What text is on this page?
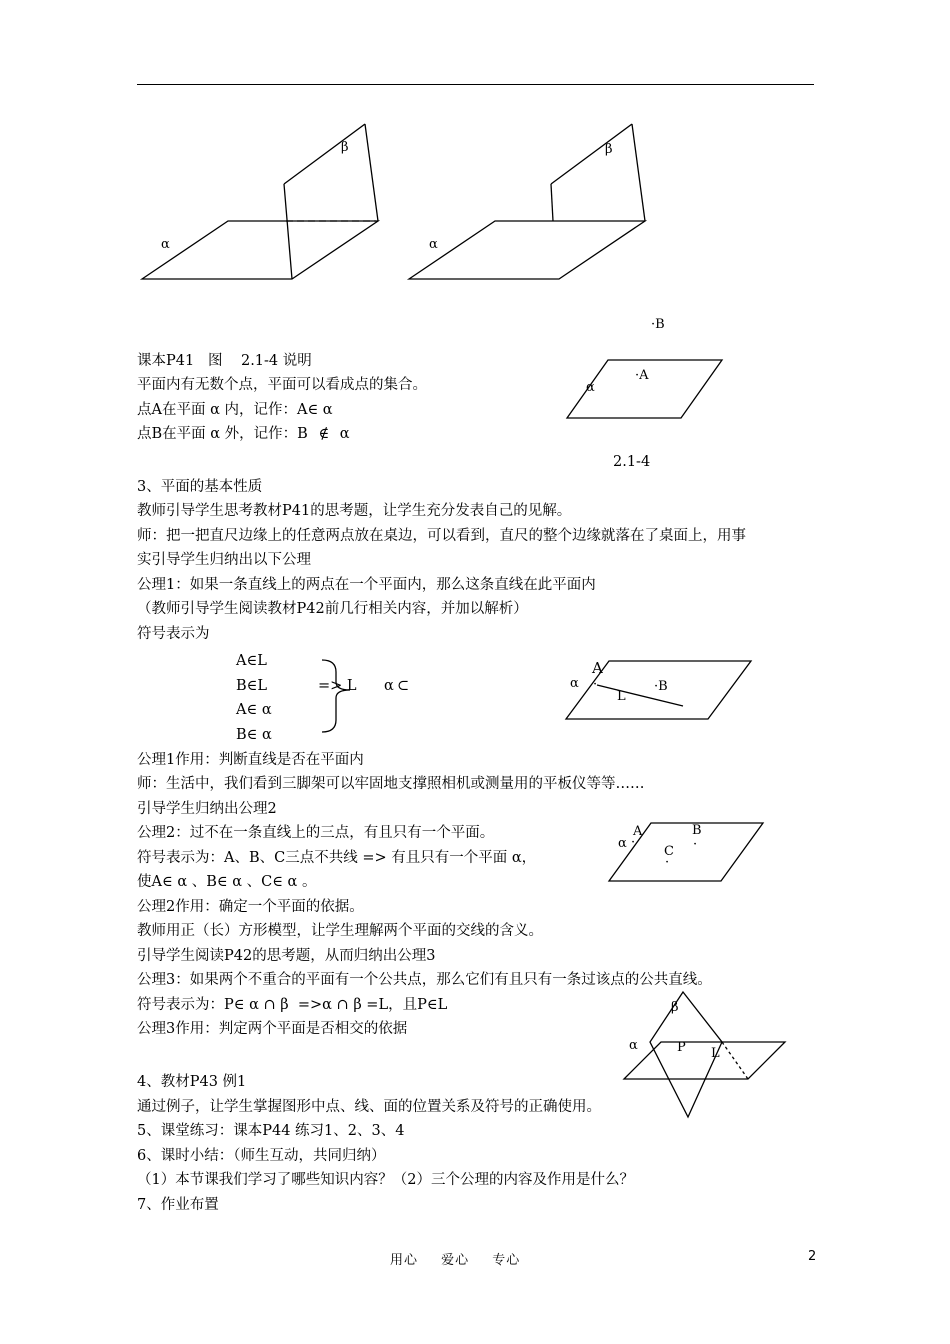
β
α
β
α
·B
·A
α
2.1-4
课本P41   图    2.1-4 说明
平面内有无数个点，平面可以看成点的集合。
点A在平面 α 内，记作：A∈ α
点B在平面 α 外，记作：B ∉ α
3、平面的基本性质
教师引导学生思考教材P41的思考题，让学生充分发表自己的见解。
师：把一把直尺边缘上的任意两点放在桌边，可以看到，直尺的整个边缘就落在了桌面上，用事
实引导学生归纳出以下公理
公理1：如果一条直线上的两点在一个平面内，那么这条直线在此平面内
（教师引导学生阅读教材P42前几行相关内容，并加以解析）
符号表示为
A∈L
B∈L
A∈ α
B∈ α
=> L α ⊂	α
A
·	·B
L
公理1作用：判断直线是否在平面内
师：生活中，我们看到三脚架可以牢固地支撑照相机或测量用的平板仪等等……
引导学生归纳出公理2
公理2：过不在一条直线上的三点，有且只有一个平面。
符号表示为：A、B、C三点不共线 => 有且只有一个平面 α，
使A∈ α 、B∈ α 、C∈ α 。
α
A
·
B
·
C
·
公理2作用：确定一个平面的依据。
教师用正（长）方形模型，让学生理解两个平面的交线的含义。
引导学生阅读P42的思考题，从而归纳出公理3
公理3：如果两个不重合的平面有一个公共点，那么它们有且只有一条过该点的公共直线。
符号表示为：P∈ α ∩ β  =>α ∩ β =L，且P∈L
公理3作用：判定两个平面是否相交的依据
β
α	P L
4、教材P43 例1
通过例子，让学生掌握图形中点、线、面的位置关系及符号的正确使用。
5、课堂练习：课本P44 练习1、2、3、4
6、课时小结：（师生互动，共同归纳）
（1）本节课我们学习了哪些知识内容？（2）三个公理的内容及作用是什么？
7、作业布置
用心 爱心 专心	2
